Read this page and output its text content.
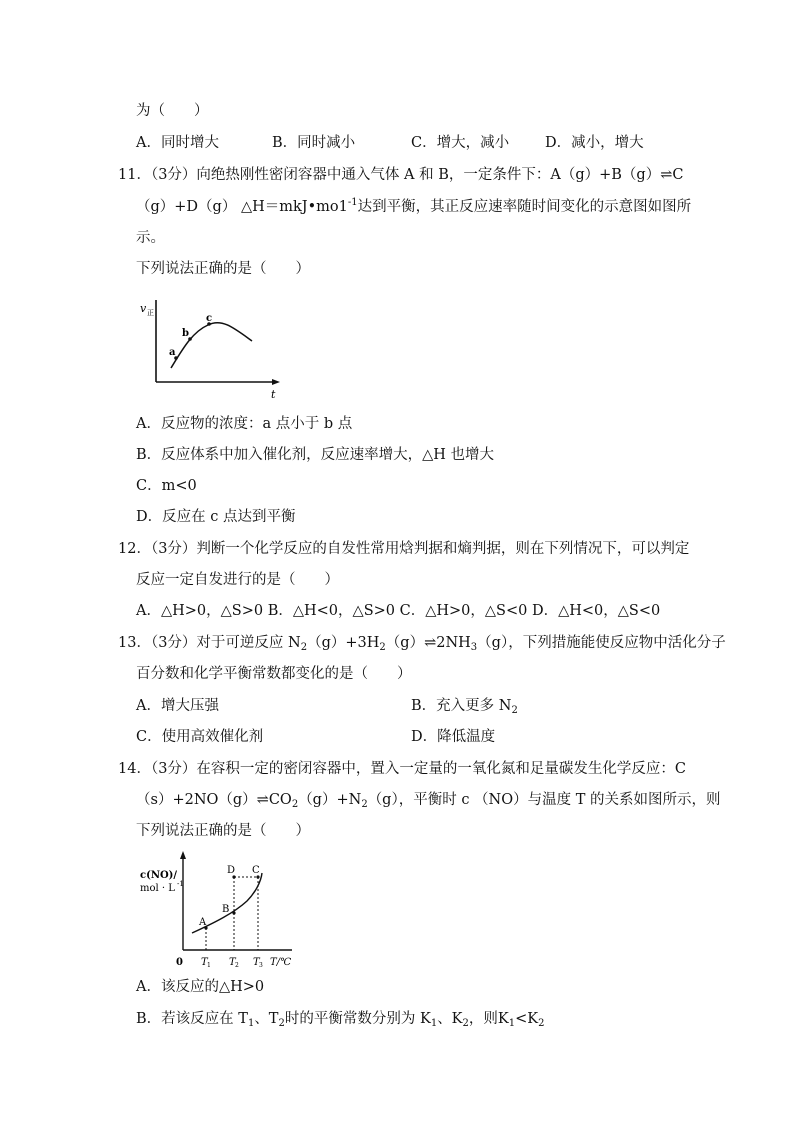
为（　　）
A．同时增大	B．同时减小	C．增大，减小 D．减小，增大
11．（3分）向绝热刚性密闭容器中通入气体 A 和 B，一定条件下：A（g）+B（g）⇌C
（g）+D（g） $\triangle H=mkJ•mo1^{-1}$达到平衡，其正反应速率随时间变化的示意图如图所
示。
下列说法正确的是（　　）
v 正
t
a
b
c
A．反应物的浓度：a 点小于 b 点
B．反应体系中加入催化剂，反应速率增大，△H 也增大
C．m<0
D．反应在 c 点达到平衡
12．（3分）判断一个化学反应的自发性常用焓判据和熵判据，则在下列情况下，可以判定
反应一定自发进行的是（　　）
A．△H>0，△S>0 B．△H<0，△S>0 C．△H>0，△S<0 D．△H<0，△S<0
13．（3分）对于可逆反应 $N_2(g)+3H_2(g)\rightleftharpoons 2NH_3(g)$，下列措施能使反应物中活化分子
百分数和化学平衡常数都变化的是（　　）
A．增大压强	B．充入更多 $N_2$
C．使用高效催化剂	D．降低温度
14．（3分）在容积一定的密闭容器中，置入一定量的一氧化氮和足量碳发生化学反应：C
$(s)+2NO(g)\rightleftharpoons CO_2(g)+N_2(g)$，平衡时 c （NO）与温度 T 的关系如图所示，则
下列说法正确的是（　　）
c(NO)/
mol · L -1
0
A
B
C
D
T 1 T 2 T 3 T/℃
A．该反应的△H>0
B．若该反应在 $T_1$、$T_2$时的平衡常数分别为 $K_1$、$K_2$，则$K_1<K_2$
